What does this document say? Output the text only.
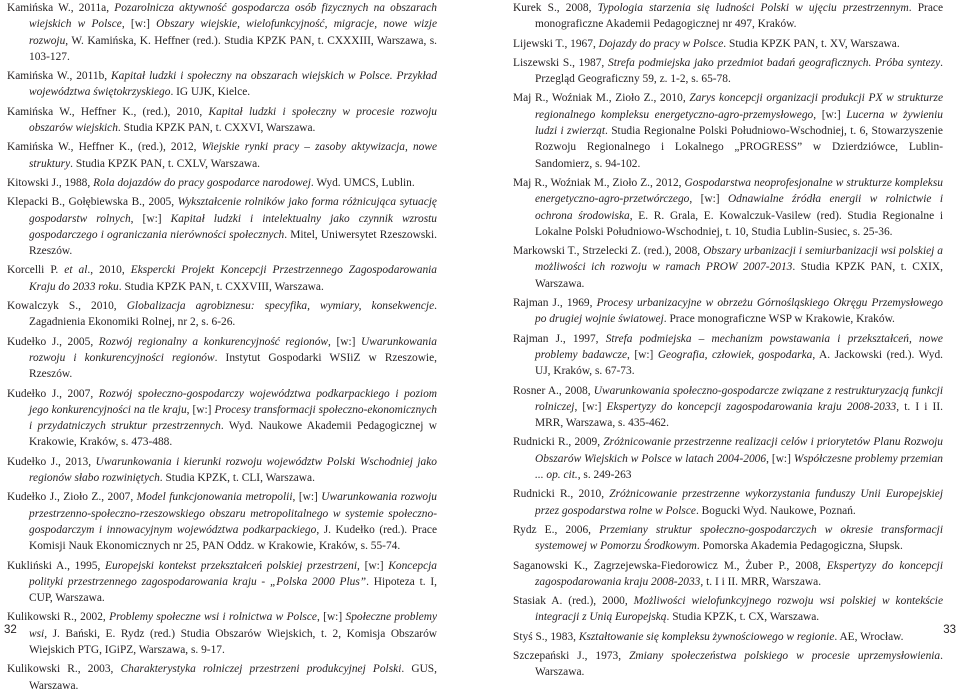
Kamińska W., 2011a, Pozarolnicza aktywność gospodarcza osób fizycznych na obszarach wiejskich w Polsce, [w:] Obszary wiejskie, wielofunkcyjność, migracje, nowe wizje rozwoju, W. Kamińska, K. Heffner (red.). Studia KPZK PAN, t. CXXXIII, Warszawa, s. 103-127.

Kamińska W., 2011b, Kapitał ludzki i społeczny na obszarach wiejskich w Polsce. Przykład województwa świętokrzyskiego. IG UJK, Kielce.

Kamińska W., Heffner K., (red.), 2010, Kapitał ludzki i społeczny w procesie rozwoju obszarów wiejskich. Studia KPZK PAN, t. CXXVI, Warszawa.

Kamińska W., Heffner K., (red.), 2012, Wiejskie rynki pracy – zasoby aktywizacja, nowe struktury. Studia KPZK PAN, t. CXLV, Warszawa.

Kitowski J., 1988, Rola dojazdów do pracy gospodarce narodowej. Wyd. UMCS, Lublin.

Klepacki B., Gołębiewska B., 2005, Wykształcenie rolników jako forma różnicująca sytuację gospodarstw rolnych, [w:] Kapitał ludzki i intelektualny jako czynnik wzrostu gospodarczego i ograniczania nierówności społecznych. Mitel, Uniwersytet Rzeszowski. Rzeszów.

Korcelli P. et al., 2010, Ekspercki Projekt Koncepcji Przestrzennego Zagospodarowania Kraju do 2033 roku. Studia KPZK PAN, t. CXXVIII, Warszawa.

Kowalczyk S., 2010, Globalizacja agrobiznesu: specyfika, wymiary, konsekwencje. Zagadnienia Ekonomiki Rolnej, nr 2, s. 6-26.

Kudełko J., 2005, Rozwój regionalny a konkurencyjność regionów, [w:] Uwarunkowania rozwoju i konkurencyjności regionów. Instytut Gospodarki WSIiZ w Rzeszowie, Rzeszów.

Kudełko J., 2007, Rozwój społeczno-gospodarczy województwa podkarpackiego i poziom jego konkurencyjności na tle kraju, [w:] Procesy transformacji społeczno-ekonomicznych i przydatniczych struktur przestrzennych. Wyd. Naukowe Akademii Pedagogicznej w Krakowie, Kraków, s. 473-488.

Kudełko J., 2013, Uwarunkowania i kierunki rozwoju województw Polski Wschodniej jako regionów słabo rozwiniętych. Studia KPZK, t. CLI, Warszawa.

Kudełko J., Zioło Z., 2007, Model funkcjonowania metropolii, [w:] Uwarunkowania rozwoju przestrzenno-społeczno-rzeszowskiego obszaru metropolitalnego w systemie społeczno-gospodarczym i innowacyjnym województwa podkarpackiego, J. Kudełko (red.). Prace Komisji Nauk Ekonomicznych nr 25, PAN Oddz. w Krakowie, Kraków, s. 55-74.

Kukliński A., 1995, Europejski kontekst przekształceń polskiej przestrzeni, [w:] Koncepcja polityki przestrzennego zagospodarowania kraju - „Polska 2000 Plus”. Hipoteza t. I, CUP, Warszawa.

Kulikowski R., 2002, Problemy społeczne wsi i rolnictwa w Polsce, [w:] Społeczne problemy wsi, J. Bański, E. Rydz (red.) Studia Obszarów Wiejskich, t. 2, Komisja Obszarów Wiejskich PTG, IGiPZ, Warszawa, s. 9-17.

Kulikowski R., 2003, Charakterystyka rolniczej przestrzeni produkcyjnej Polski. GUS, Warszawa.

Kurek S., 2008, Typologia starzenia się ludności Polski w ujęciu przestrzennym. Prace monograficzne Akademii Pedagogicznej nr 497, Kraków.

Lijewski T., 1967, Dojazdy do pracy w Polsce. Studia KPZK PAN, t. XV, Warszawa.

Liszewski S., 1987, Strefa podmiejska jako przedmiot badań geograficznych. Próba syntezy. Przegląd Geograficzny 59, z. 1-2, s. 65-78.

Maj R., Woźniak M., Zioło Z., 2010, Zarys koncepcji organizacji produkcji PX w strukturze regionalnego kompleksu energetyczno-agro-przemysłowego, [w:] Lucerna w żywieniu ludzi i zwierząt. Studia Regionalne Polski Południowo-Wschodniej, t. 6, Stowarzyszenie Rozwoju Regionalnego i Lokalnego „PROGRESS” w Dzierdziówce, Lublin-Sandomierz, s. 94-102.

Maj R., Woźniak M., Zioło Z., 2012, Gospodarstwa neoprofesjonalne w strukturze kompleksu energetyczno-agro-przetwórczego, [w:] Odnawialne źródła energii w rolnictwie i ochrona środowiska, E. R. Grala, E. Kowalczuk-Vasilew (red). Studia Regionalne i Lokalne Polski Południowo-Wschodniej, t. 10, Studia Lublin-Susiec, s. 25-36.

Markowski T., Strzelecki Z. (red.), 2008, Obszary urbanizacji i semiurbanizacji wsi polskiej a możliwości ich rozwoju w ramach PROW 2007-2013. Studia KPZK PAN, t. CXIX, Warszawa.

Rajman J., 1969, Procesy urbanizacyjne w obrzeżu Górnośląskiego Okręgu Przemysłowego po drugiej wojnie światowej. Prace monograficzne WSP w Krakowie, Kraków.

Rajman J., 1997, Strefa podmiejska – mechanizm powstawania i przekształceń, nowe problemy badawcze, [w:] Geografia, człowiek, gospodarka, A. Jackowski (red.). Wyd. UJ, Kraków, s. 67-73.

Rosner A., 2008, Uwarunkowania społeczno-gospodarcze związane z restrukturyzacją funkcji rolniczej, [w:] Ekspertyzy do koncepcji zagospodarowania kraju 2008-2033, t. I i II. MRR, Warszawa, s. 435-462.

Rudnicki R., 2009, Zróżnicowanie przestrzenne realizacji celów i priorytetów Planu Rozwoju Obszarów Wiejskich w Polsce w latach 2004-2006, [w:] Współczesne problemy przemian ... op. cit., s. 249-263

Rudnicki R., 2010, Zróżnicowanie przestrzenne wykorzystania funduszy Unii Europejskiej przez gospodarstwa rolne w Polsce. Bogucki Wyd. Naukowe, Poznań.

Rydz E., 2006, Przemiany struktur społeczno-gospodarczych w okresie transformacji systemowej w Pomorzu Środkowym. Pomorska Akademia Pedagogiczna, Słupsk.

Saganowski K., Zagrzejewska-Fiedorowicz M., Żuber P., 2008, Ekspertyzy do koncepcji zagospodarowania kraju 2008-2033, t. I i II. MRR, Warszawa.

Stasiak A. (red.), 2000, Możliwości wielofunkcyjnego rozwoju wsi polskiej w kontekście integracji z Unią Europejską. Studia KPZK, t. CX, Warszawa.

Styś S., 1983, Kształtowanie się kompleksu żywnościowego w regionie. AE, Wrocław.

Szczepański J., 1973, Zmiany społeczeństwa polskiego w procesie uprzemysłowienia. Warszawa.

32	33
